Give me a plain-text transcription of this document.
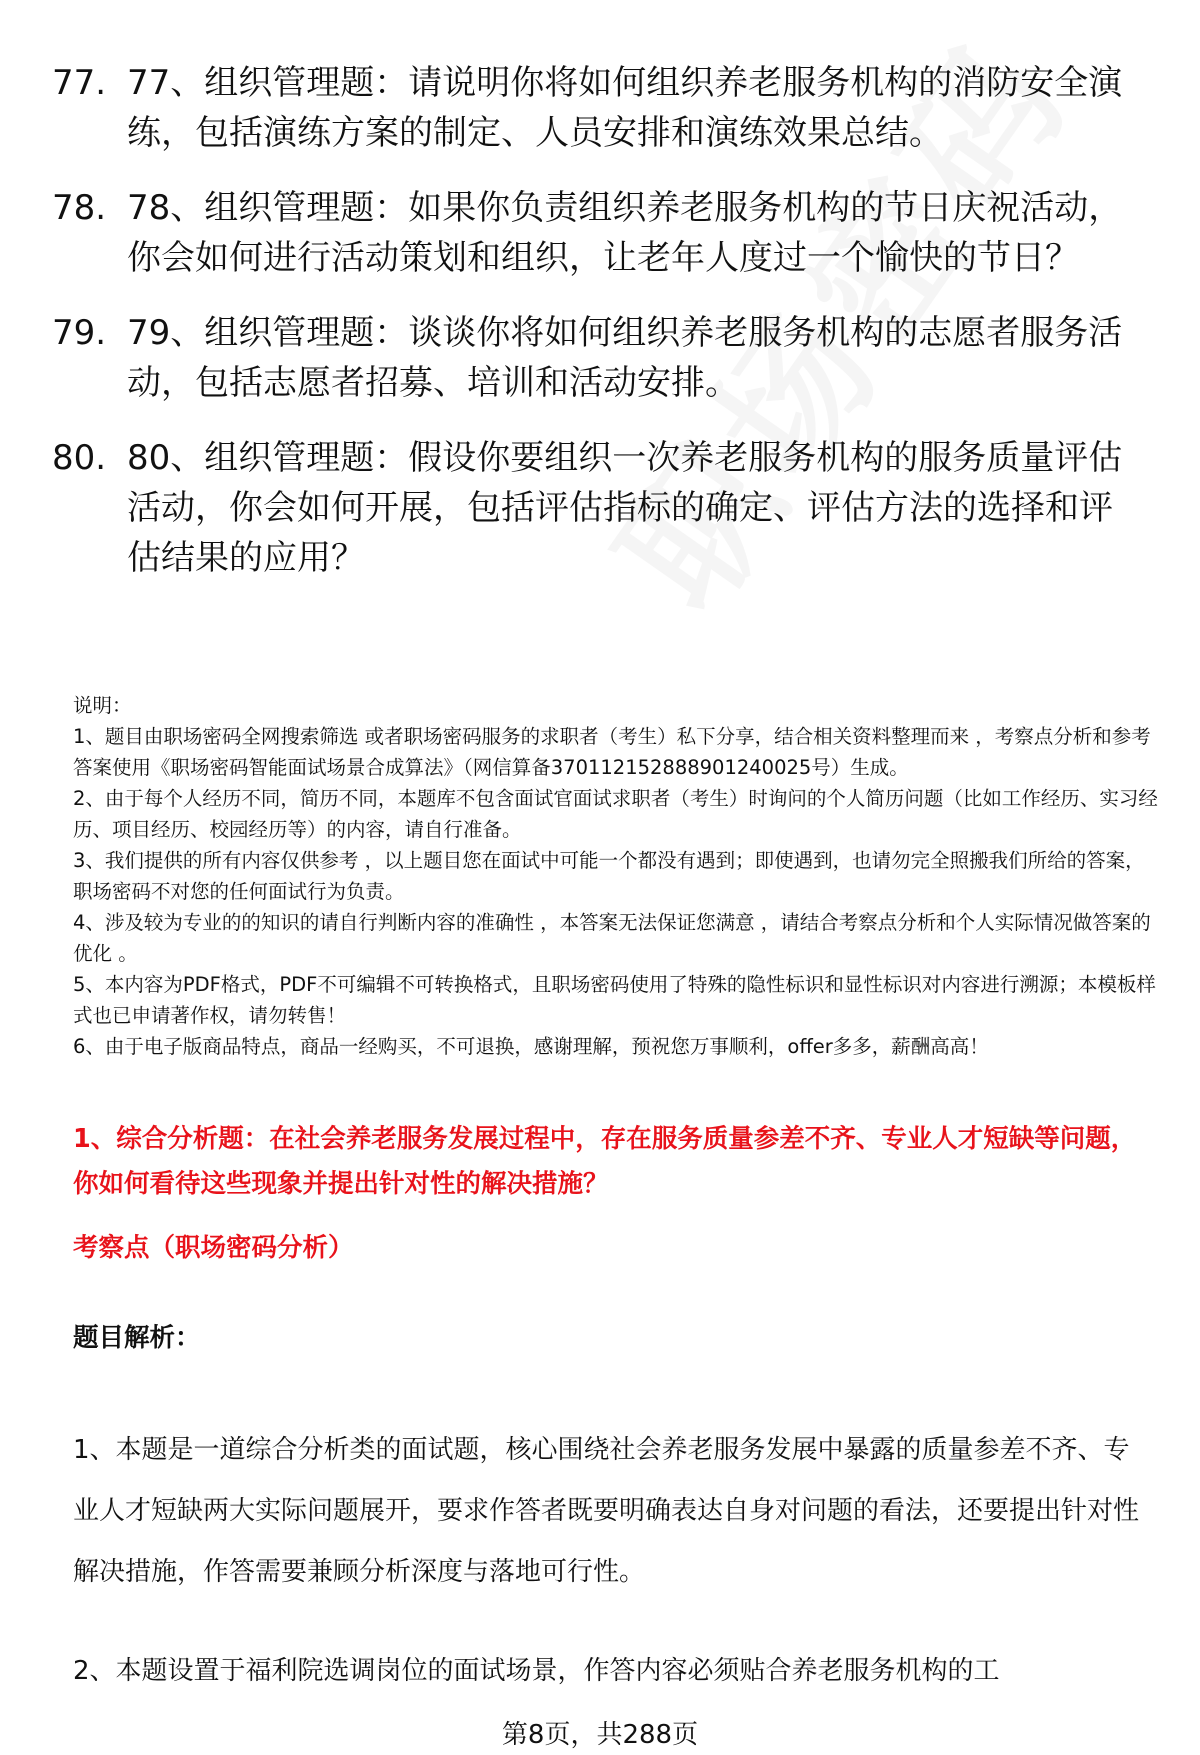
77. 77、组织管理题：请说明你将如何组织养老服务机构的消防安全演练，包括演练方案的制定、人员安排和演练效果总结。
78. 78、组织管理题：如果你负责组织养老服务机构的节日庆祝活动，你会如何进行活动策划和组织，让老年人度过一个愉快的节日？
79. 79、组织管理题：谈谈你将如何组织养老服务机构的志愿者服务活动，包括志愿者招募、培训和活动安排。
80. 80、组织管理题：假设你要组织一次养老服务机构的服务质量评估活动，你会如何开展，包括评估指标的确定、评估方法的选择和评估结果的应用？

说明：

1、题目由职场密码全网搜索筛选 或者职场密码服务的求职者（考生）私下分享，结合相关资料整理而来 ，考察点分析和参考答案使用《职场密码智能面试场景合成算法》（网信算备370112152888901240025号）生成。

2、由于每个人经历不同，简历不同，本题库不包含面试官面试求职者（考生）时询问的个人简历问题（比如工作经历、实习经历、项目经历、校园经历等）的内容，请自行准备。

3、我们提供的所有内容仅供参考 ，以上题目您在面试中可能一个都没有遇到；即使遇到，也请勿完全照搬我们所给的答案，职场密码不对您的任何面试行为负责。

4、涉及较为专业的的知识的请自行判断内容的准确性 ，本答案无法保证您满意 ，请结合考察点分析和个人实际情况做答案的优化 。

5、本内容为PDF格式，PDF不可编辑不可转换格式，且职场密码使用了特殊的隐性标识和显性标识对内容进行溯源；本模板样式也已申请著作权，请勿转售！

6、由于电子版商品特点，商品一经购买，不可退换，感谢理解，预祝您万事顺利，offer多多，薪酬高高！

1、综合分析题：在社会养老服务发展过程中，存在服务质量参差不齐、专业人才短缺等问题，你如何看待这些现象并提出针对性的解决措施？
考察点（职场密码分析）
题目解析：

1、本题是一道综合分析类的面试题，核心围绕社会养老服务发展中暴露的质量参差不齐、专业人才短缺两大实际问题展开，要求作答者既要明确表达自身对问题的看法，还要提出针对性解决措施，作答需要兼顾分析深度与落地可行性。

2、本题设置于福利院选调岗位的面试场景，作答内容必须贴合养老服务机构的工

第8页，共288页
